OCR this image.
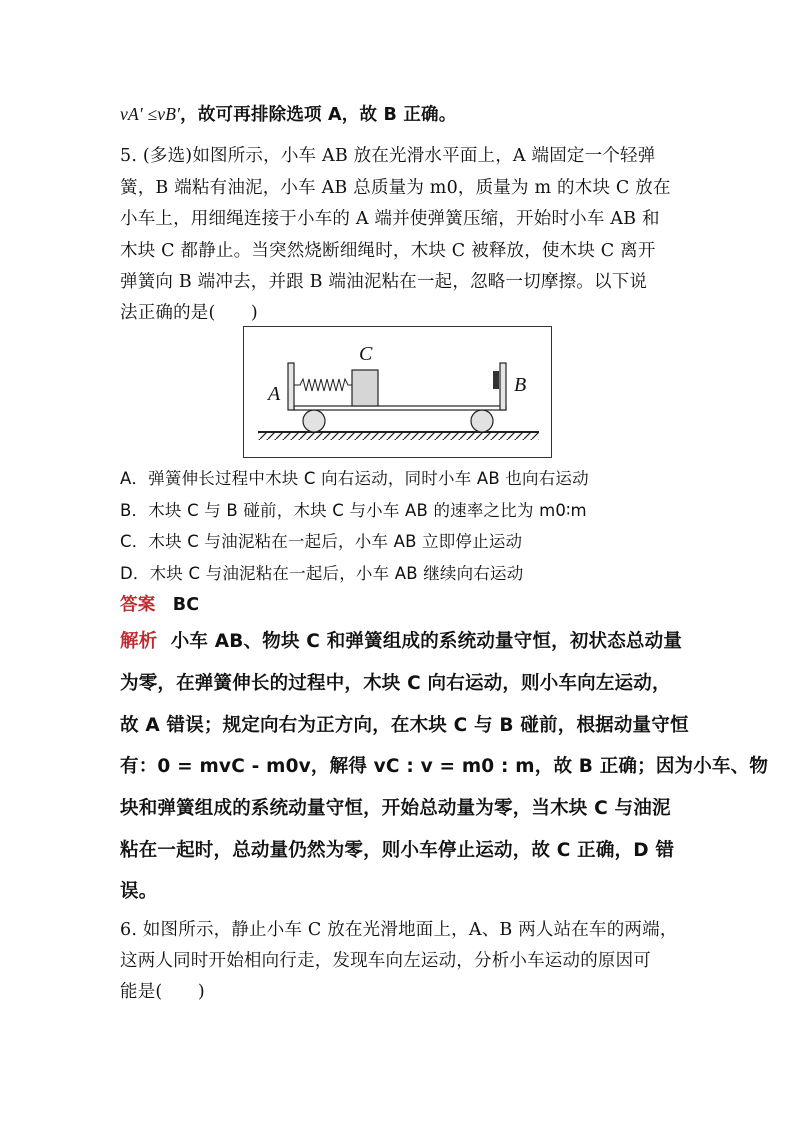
vA′ ≤vB′，故可再排除选项 A，故 B 正确。
5. (多选)如图所示，小车 AB 放在光滑水平面上，A 端固定一个轻弹
簧，B 端粘有油泥，小车 AB 总质量为 m0，质量为 m 的木块 C 放在
小车上，用细绳连接于小车的 A 端并使弹簧压缩，开始时小车 AB 和
木块 C 都静止。当突然烧断细绳时，木块 C 被释放，使木块 C 离开
弹簧向 B 端冲去，并跟 B 端油泥粘在一起，忽略一切摩擦。以下说
法正确的是(　　)
A	B
C
A．弹簧伸长过程中木块 C 向右运动，同时小车 AB 也向右运动
B．木块 C 与 B 碰前，木块 C 与小车 AB 的速率之比为 m0∶m
C．木块 C 与油泥粘在一起后，小车 AB 立即停止运动
D．木块 C 与油泥粘在一起后，小车 AB 继续向右运动
答案 BC
解析 小车 AB、物块 C 和弹簧组成的系统动量守恒，初状态总动量
为零，在弹簧伸长的过程中，木块 C 向右运动，则小车向左运动，
故 A 错误；规定向右为正方向，在木块 C 与 B 碰前，根据动量守恒
有：0 = mvC - m0v，解得 vC : v = m0 : m，故 B 正确；因为小车、物
块和弹簧组成的系统动量守恒，开始总动量为零，当木块 C 与油泥
粘在一起时，总动量仍然为零，则小车停止运动，故 C 正确，D 错
误。
6. 如图所示，静止小车 C 放在光滑地面上，A、B 两人站在车的两端，
这两人同时开始相向行走，发现车向左运动，分析小车运动的原因可
能是(　　)
